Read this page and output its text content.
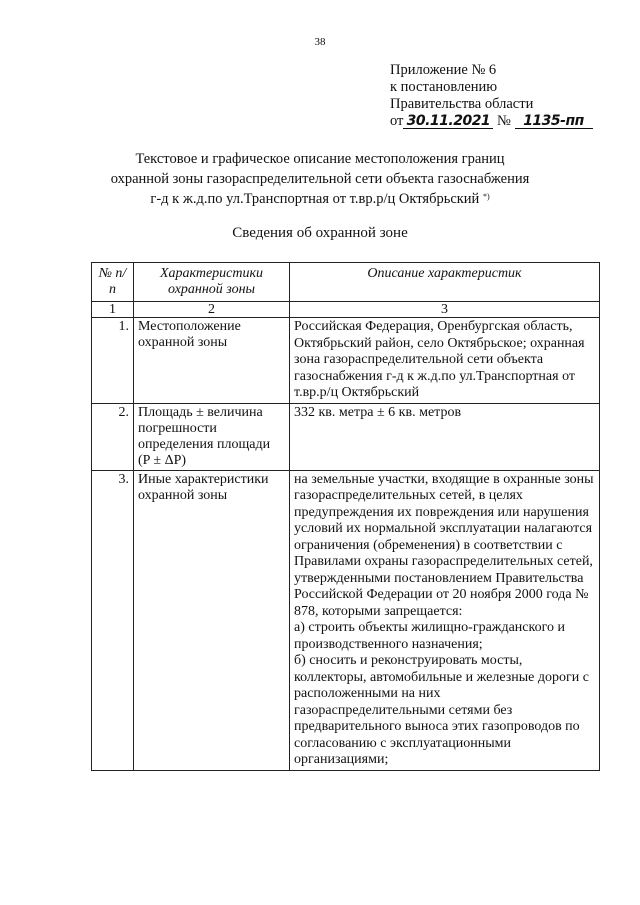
38
Приложение № 6
к постановлению
Правительства области
от 30.11.2021 № 1135-пп
Текстовое и графическое описание местоположения границ
охранной зоны газораспределительной сети объекта газоснабжения
г-д к ж.д.по ул.Транспортная от т.вр.р/ц Октябрьский *)
Сведения об охранной зоне
№ п/п	Характеристики охранной зоны	Описание характеристик
1	2	3
1.	Местоположение охранной зоны	Российская Федерация, Оренбургская область, Октябрьский район, село Октябрьское; охранная зона газораспределительной сети объекта газоснабжения г-д к ж.д.по ул.Транспортная от т.вр.р/ц Октябрьский
2.	Площадь ± величина погрешности определения площади (P ± ΔP)	332 кв. метра ± 6 кв. метров
3.	Иные характеристики охранной зоны	на земельные участки, входящие в охранные зоны газораспределительных сетей, в целях предупреждения их повреждения или нарушения условий их нормальной эксплуатации налагаются ограничения (обременения) в соответствии с Правилами охраны газораспределительных сетей, утвержденными постановлением Правительства Российской Федерации от 20 ноября 2000 года № 878, которыми запрещается:
а) строить объекты жилищно-гражданского и производственного назначения;
б) сносить и реконструировать мосты, коллекторы, автомобильные и железные дороги с расположенными на них газораспределительными сетями без предварительного выноса этих газопроводов по согласованию с эксплуатационными организациями;
